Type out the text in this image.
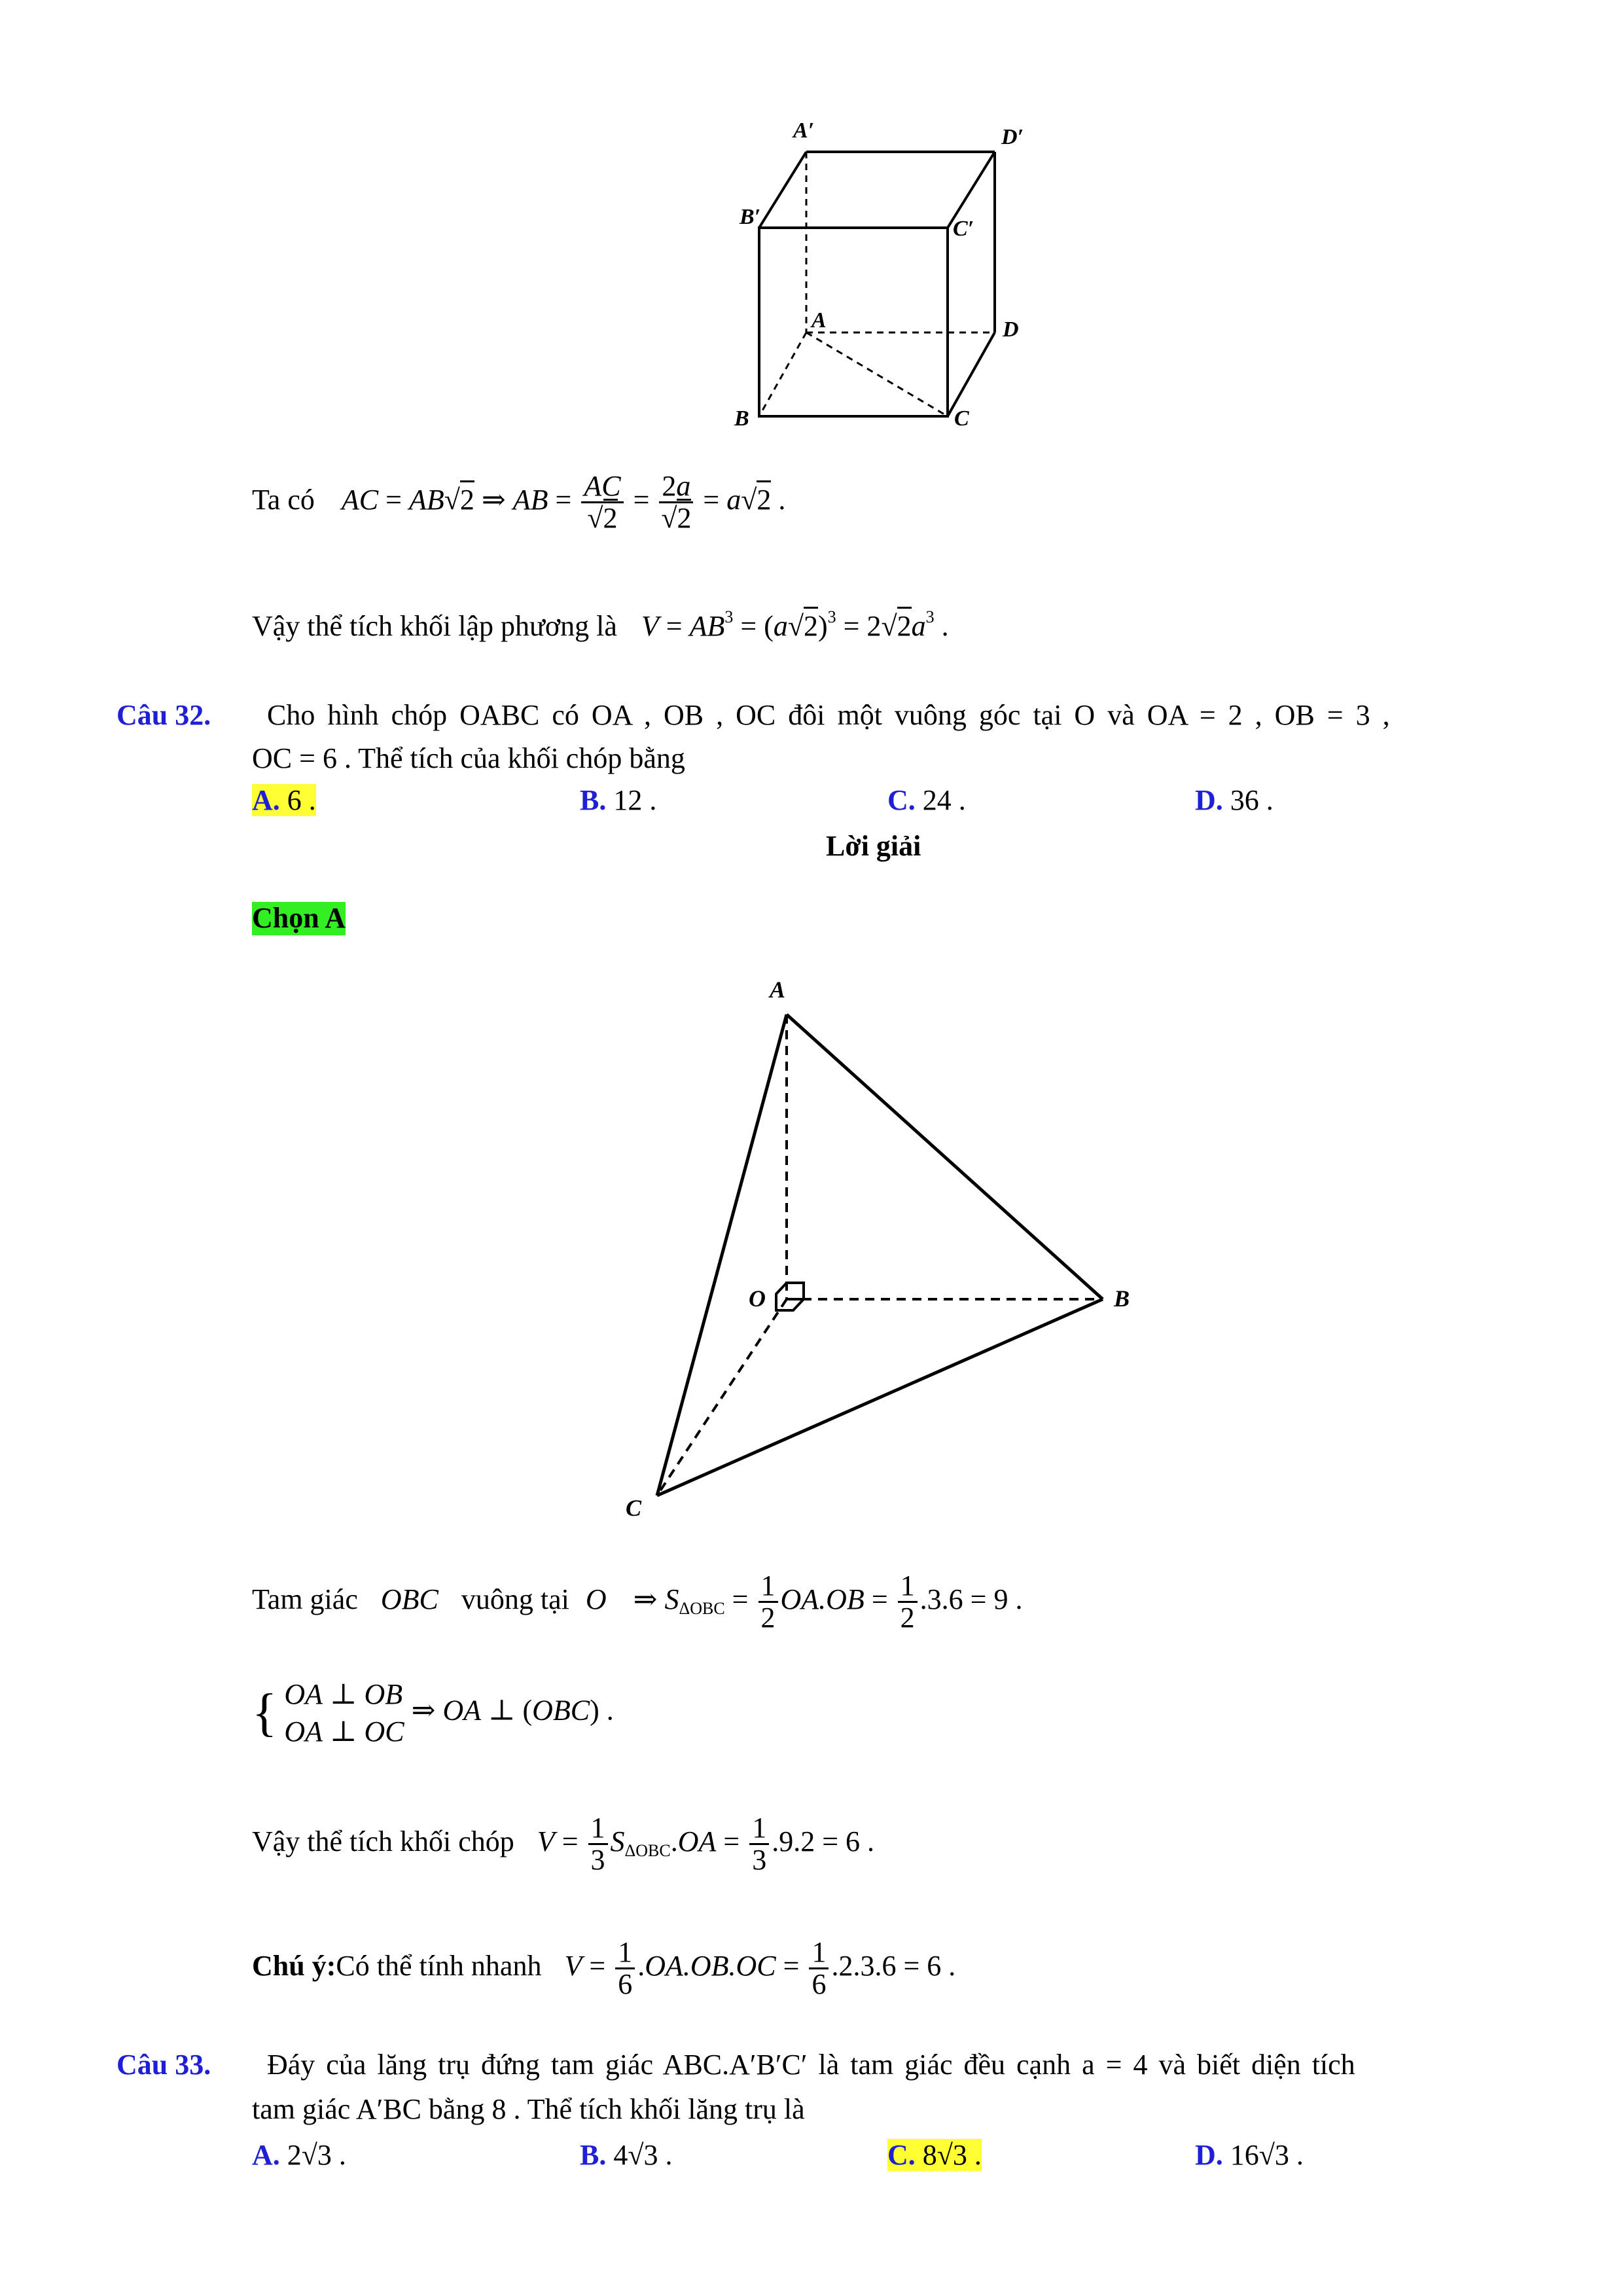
A′	D′
B′	C′
A	D
B	C
Ta có AC = AB√2 ⇒ AB = $\frac{AC}{√2} = \frac{2a}{√2} = a√2$ .
Vậy thể tích khối lập phương là $V = AB^3 = (a√2)^3 = 2√2a^3$ .
Câu 32. Cho hình chóp OABC có OA , OB , OC đôi một vuông góc tại O và OA = 2 , OB = 3 ,
OC = 6 . Thể tích của khối chóp bằng
A. 6 .	B. 12 .	C. 24 .	D. 36 .
Lời giải
Chọn A
A
B
O
C
Tam giác OBC vuông tại O ⇒ $S_{\Delta OBC} = \frac{1}{2} OA.OB = \frac{1}{2} .3.6 = 9$ .
{ OA ⊥ OB
OA ⊥ OC ⇒ OA ⊥ (OBC) .
Vậy thể tích khối chóp $V = \frac{1}{3} S_{\Delta OBC}.OA = \frac{1}{3} .9.2 = 6$ .
Chú ý:Có thể tính nhanh $V = \frac{1}{6} .OA.OB.OC = \frac{1}{6} .2.3.6 = 6$ .
Câu 33. Đáy của lăng trụ đứng tam giác ABC.A′B′C′ là tam giác đều cạnh a = 4 và biết diện tích
tam giác A′BC bằng 8 . Thể tích khối lăng trụ là
A. 2√3 .	B. 4√3 .	C. 8√3 .	D. 16√3 .
